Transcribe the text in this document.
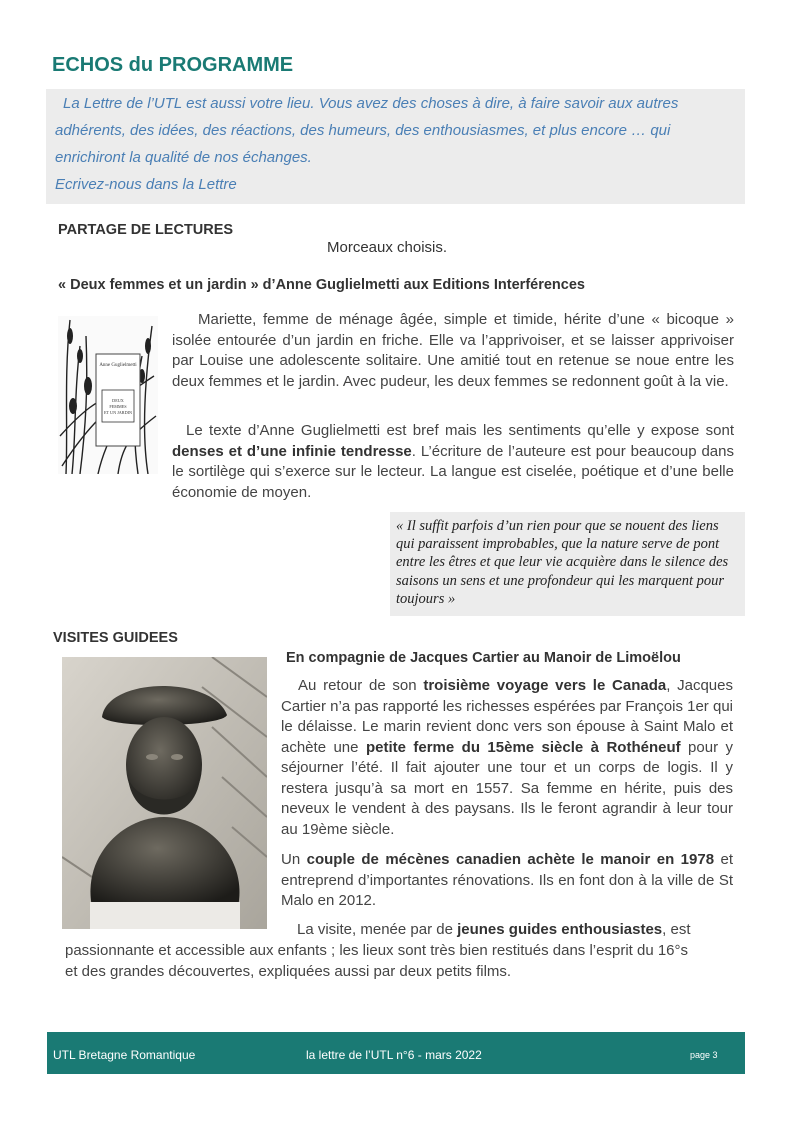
ECHOS du PROGRAMME

La Lettre de l’UTL est aussi votre lieu. Vous avez des choses à dire, à faire savoir aux autres

adhérents, des idées, des réactions, des humeurs, des enthousiasmes, et plus encore … qui

enrichiront la qualité de nos échanges.

Ecrivez-nous dans la Lettre

PARTAGE DE LECTURES
Morceaux choisis.
« Deux femmes et un jardin » d’Anne Guglielmetti aux Editions Interférences
Anne Guglielmetti
DEUX
FEMMES
ET UN JARDIN
Mariette, femme de ménage âgée, simple et timide, hérite d’une « bicoque » isolée entourée d’un jardin en friche. Elle va l’apprivoiser, et se laisser apprivoiser par Louise une adolescente solitaire. Une amitié tout en retenue se noue entre les deux femmes et le jardin. Avec pudeur, les deux femmes se redonnent goût à la vie.
Le texte d’Anne Guglielmetti est bref mais les sentiments qu’elle y expose sont denses et d’une infinie tendresse. L’écriture de l’auteure est pour beaucoup dans le sortilège qui s’exerce sur le lecteur. La langue est ciselée, poétique et d’une belle économie de moyen.

« Il suffit parfois d’un rien pour que se nouent des liens qui paraissent improbables, que la nature serve de pont entre les êtres et que leur vie acquière dans le silence des saisons un sens et une profondeur qui les marquent pour toujours »

VISITES GUIDEES
En compagnie de Jacques Cartier au Manoir de Limoëlou
Au retour de son troisième voyage vers le Canada, Jacques Cartier n’a pas rapporté les richesses espérées par François 1er qui le délaisse. Le marin revient donc vers son épouse à Saint Malo et achète une petite ferme du 15ème siècle à Rothéneuf pour y séjourner l’été. Il fait ajouter une tour et un corps de logis. Il y restera jusqu’à sa mort en 1557. Sa femme en hérite, puis des neveux le vendent à des paysans. Ils le feront agrandir à leur tour au 19ème siècle.
Un couple de mécènes canadien achète le manoir en 1978 et entreprend d’importantes rénovations. Ils en font don à la ville de St Malo en 2012.
La visite, menée par de jeunes guides enthousiastes, est
passionnante et accessible aux enfants ; les lieux sont très bien restitués dans l’esprit du 16°s
et des grandes découvertes, expliquées aussi par deux petits films.
UTL Bretagne Romantique	la lettre de l’UTL n°6 - mars 2022	page 3
